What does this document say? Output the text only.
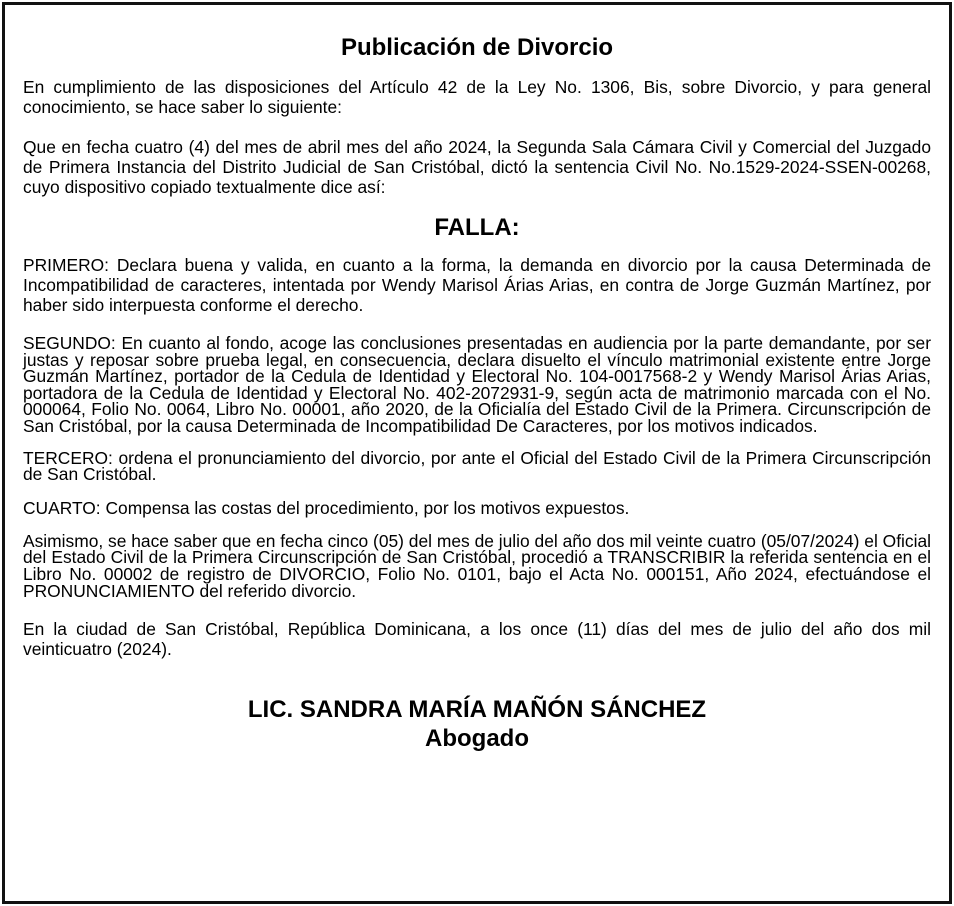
Publicación de Divorcio

En cumplimiento de las disposiciones del Artículo 42 de la Ley No. 1306, Bis, sobre Divorcio, y para general conocimiento, se hace saber lo siguiente:

Que en fecha cuatro (4) del mes de abril mes del año 2024, la Segunda Sala Cámara Civil y Comercial del Juzgado de Primera Instancia del Distrito Judicial de San Cristóbal, dictó la sentencia Civil No. No.1529-2024-SSEN-00268, cuyo dispositivo copiado textualmente dice así:

FALLA:

PRIMERO: Declara buena y valida, en cuanto a la forma, la demanda en divorcio por la causa Determinada de Incompatibilidad de caracteres, intentada por Wendy Marisol Árias Arias, en contra de Jorge Guzmán Martínez, por haber sido interpuesta conforme el derecho.

SEGUNDO: En cuanto al fondo, acoge las conclusiones presentadas en audiencia por la parte demandante, por ser justas y reposar sobre prueba legal, en consecuencia, declara disuelto el vínculo matrimonial existente entre Jorge Guzmán Martínez, portador de la Cedula de Identidad y Electoral No. 104-0017568-2 y Wendy Marisol Árias Arias, portadora de la Cedula de Identidad y Electoral No. 402-2072931-9, según acta de matrimonio marcada con el No. 000064, Folio No. 0064, Libro No. 00001, año 2020, de la Oficialía del Estado Civil de la Primera. Circunscripción de San Cristóbal, por la causa Determinada de Incompatibilidad De Caracteres, por los motivos indicados.

TERCERO: ordena el pronunciamiento del divorcio, por ante el Oficial del Estado Civil de la Primera Circunscripción de San Cristóbal.

CUARTO: Compensa las costas del procedimiento, por los motivos expuestos.

Asimismo, se hace saber que en fecha cinco (05) del mes de julio del año dos mil veinte cuatro (05/07/2024) el Oficial del Estado Civil de la Primera Circunscripción de San Cristóbal, procedió a TRANSCRIBIR la referida sentencia en el Libro No. 00002 de registro de DIVORCIO, Folio No. 0101, bajo el Acta No. 000151, Año 2024, efectuándose el PRONUNCIAMIENTO del referido divorcio.

En la ciudad de San Cristóbal, República Dominicana, a los once (11) días del mes de julio del año dos mil veinticuatro (2024).

LIC. SANDRA MARÍA MAÑÓN SÁNCHEZ
Abogado
